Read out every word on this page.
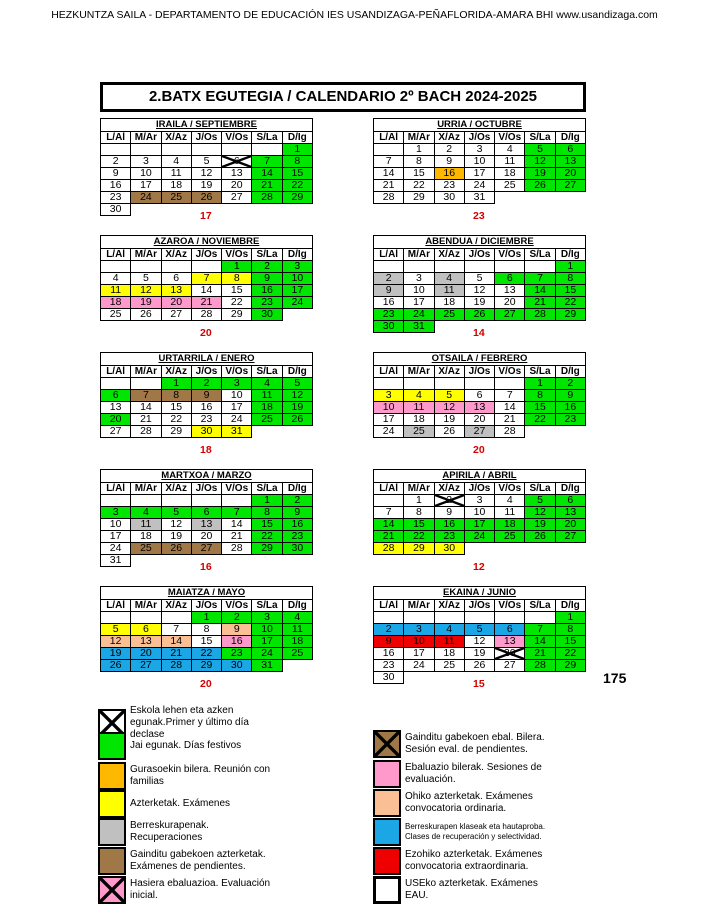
HEZKUNTZA SAILA - DEPARTAMENTO DE EDUCACIÓN IES USANDIZAGA-PEÑAFLORIDA-AMARA BHI www.usandizaga.com
2.BATX EGUTEGIA / CALENDARIO 2º BACH 2024-2025
IRAILA / SEPTIEMBRE
L/Al	M/Ar	X/Az	J/Os	V/Os	S/La	D/Ig
						1
2	3	4	5	6	7	8
9	10	11	12	13	14	15
16	17	18	19	20	21	22
23	24	25	26	27	28	29
30						
17
URRIA / OCTUBRE
L/Al	M/Ar	X/Az	J/Os	V/Os	S/La	D/Ig
	1	2	3	4	5	6
7	8	9	10	11	12	13
14	15	16	17	18	19	20
21	22	23	24	25	26	27
28	29	30	31			
23
AZAROA / NOVIEMBRE
L/Al	M/Ar	X/Az	J/Os	V/Os	S/La	D/Ig
				1	2	3
4	5	6	7	8	9	10
11	12	13	14	15	16	17
18	19	20	21	22	23	24
25	26	27	28	29	30	
20
ABENDUA / DICIEMBRE
L/Al	M/Ar	X/Az	J/Os	V/Os	S/La	D/Ig
						1
2	3	4	5	6	7	8
9	10	11	12	13	14	15
16	17	18	19	20	21	22
23	24	25	26	27	28	29
30	31					
14
URTARRILA / ENERO
L/Al	M/Ar	X/Az	J/Os	V/Os	S/La	D/Ig
		1	2	3	4	5
6	7	8	9	10	11	12
13	14	15	16	17	18	19
20	21	22	23	24	25	26
27	28	29	30	31		
18
OTSAILA / FEBRERO
L/Al	M/Ar	X/Az	J/Os	V/Os	S/La	D/Ig
					1	2
3	4	5	6	7	8	9
10	11	12	13	14	15	16
17	18	19	20	21	22	23
24	25	26	27	28		
20
MARTXOA / MARZO
L/Al	M/Ar	X/Az	J/Os	V/Os	S/La	D/Ig
					1	2
3	4	5	6	7	8	9
10	11	12	13	14	15	16
17	18	19	20	21	22	23
24	25	26	27	28	29	30
31						
16
APIRILA / ABRIL
L/Al	M/Ar	X/Az	J/Os	V/Os	S/La	D/Ig
	1	2	3	4	5	6
7	8	9	10	11	12	13
14	15	16	17	18	19	20
21	22	23	24	25	26	27
28	29	30				
12
MAIATZA / MAYO
L/Al	M/Ar	X/Az	J/Os	V/Os	S/La	D/Ig
			1	2	3	4
5	6	7	8	9	10	11
12	13	14	15	16	17	18
19	20	21	22	23	24	25
26	27	28	29	30	31	
20
EKAINA / JUNIO
L/Al	M/Ar	X/Az	J/Os	V/Os	S/La	D/Ig
						1
2	3	4	5	6	7	8
9	10	11	12	13	14	15
16	17	18	19	20	21	22
23	24	25	26	27	28	29
30						
15	175
Eskola lehen eta azken egunak.Primer y último día declase
Jai egunak. Días festivos
Gurasoekin bilera. Reunión con familias
Azterketak. Exámenes
Berreskurapenak. Recuperaciones
Gainditu gabekoen azterketak. Exámenes de pendientes.
Hasiera ebaluazioa. Evaluación inicial.
Gainditu gabekoen ebal. Bilera. Sesión eval. de pendientes.
Ebaluazio bilerak. Sesiones de evaluación.
Ohiko azterketak. Exámenes convocatoria ordinaria.
Berreskurapen klaseak eta hautaproba. Clases de recuperación y selectividad.
Ezohiko azterketak. Exámenes convocatoria extraordinaria.
USEko azterketak. Exámenes EAU.
